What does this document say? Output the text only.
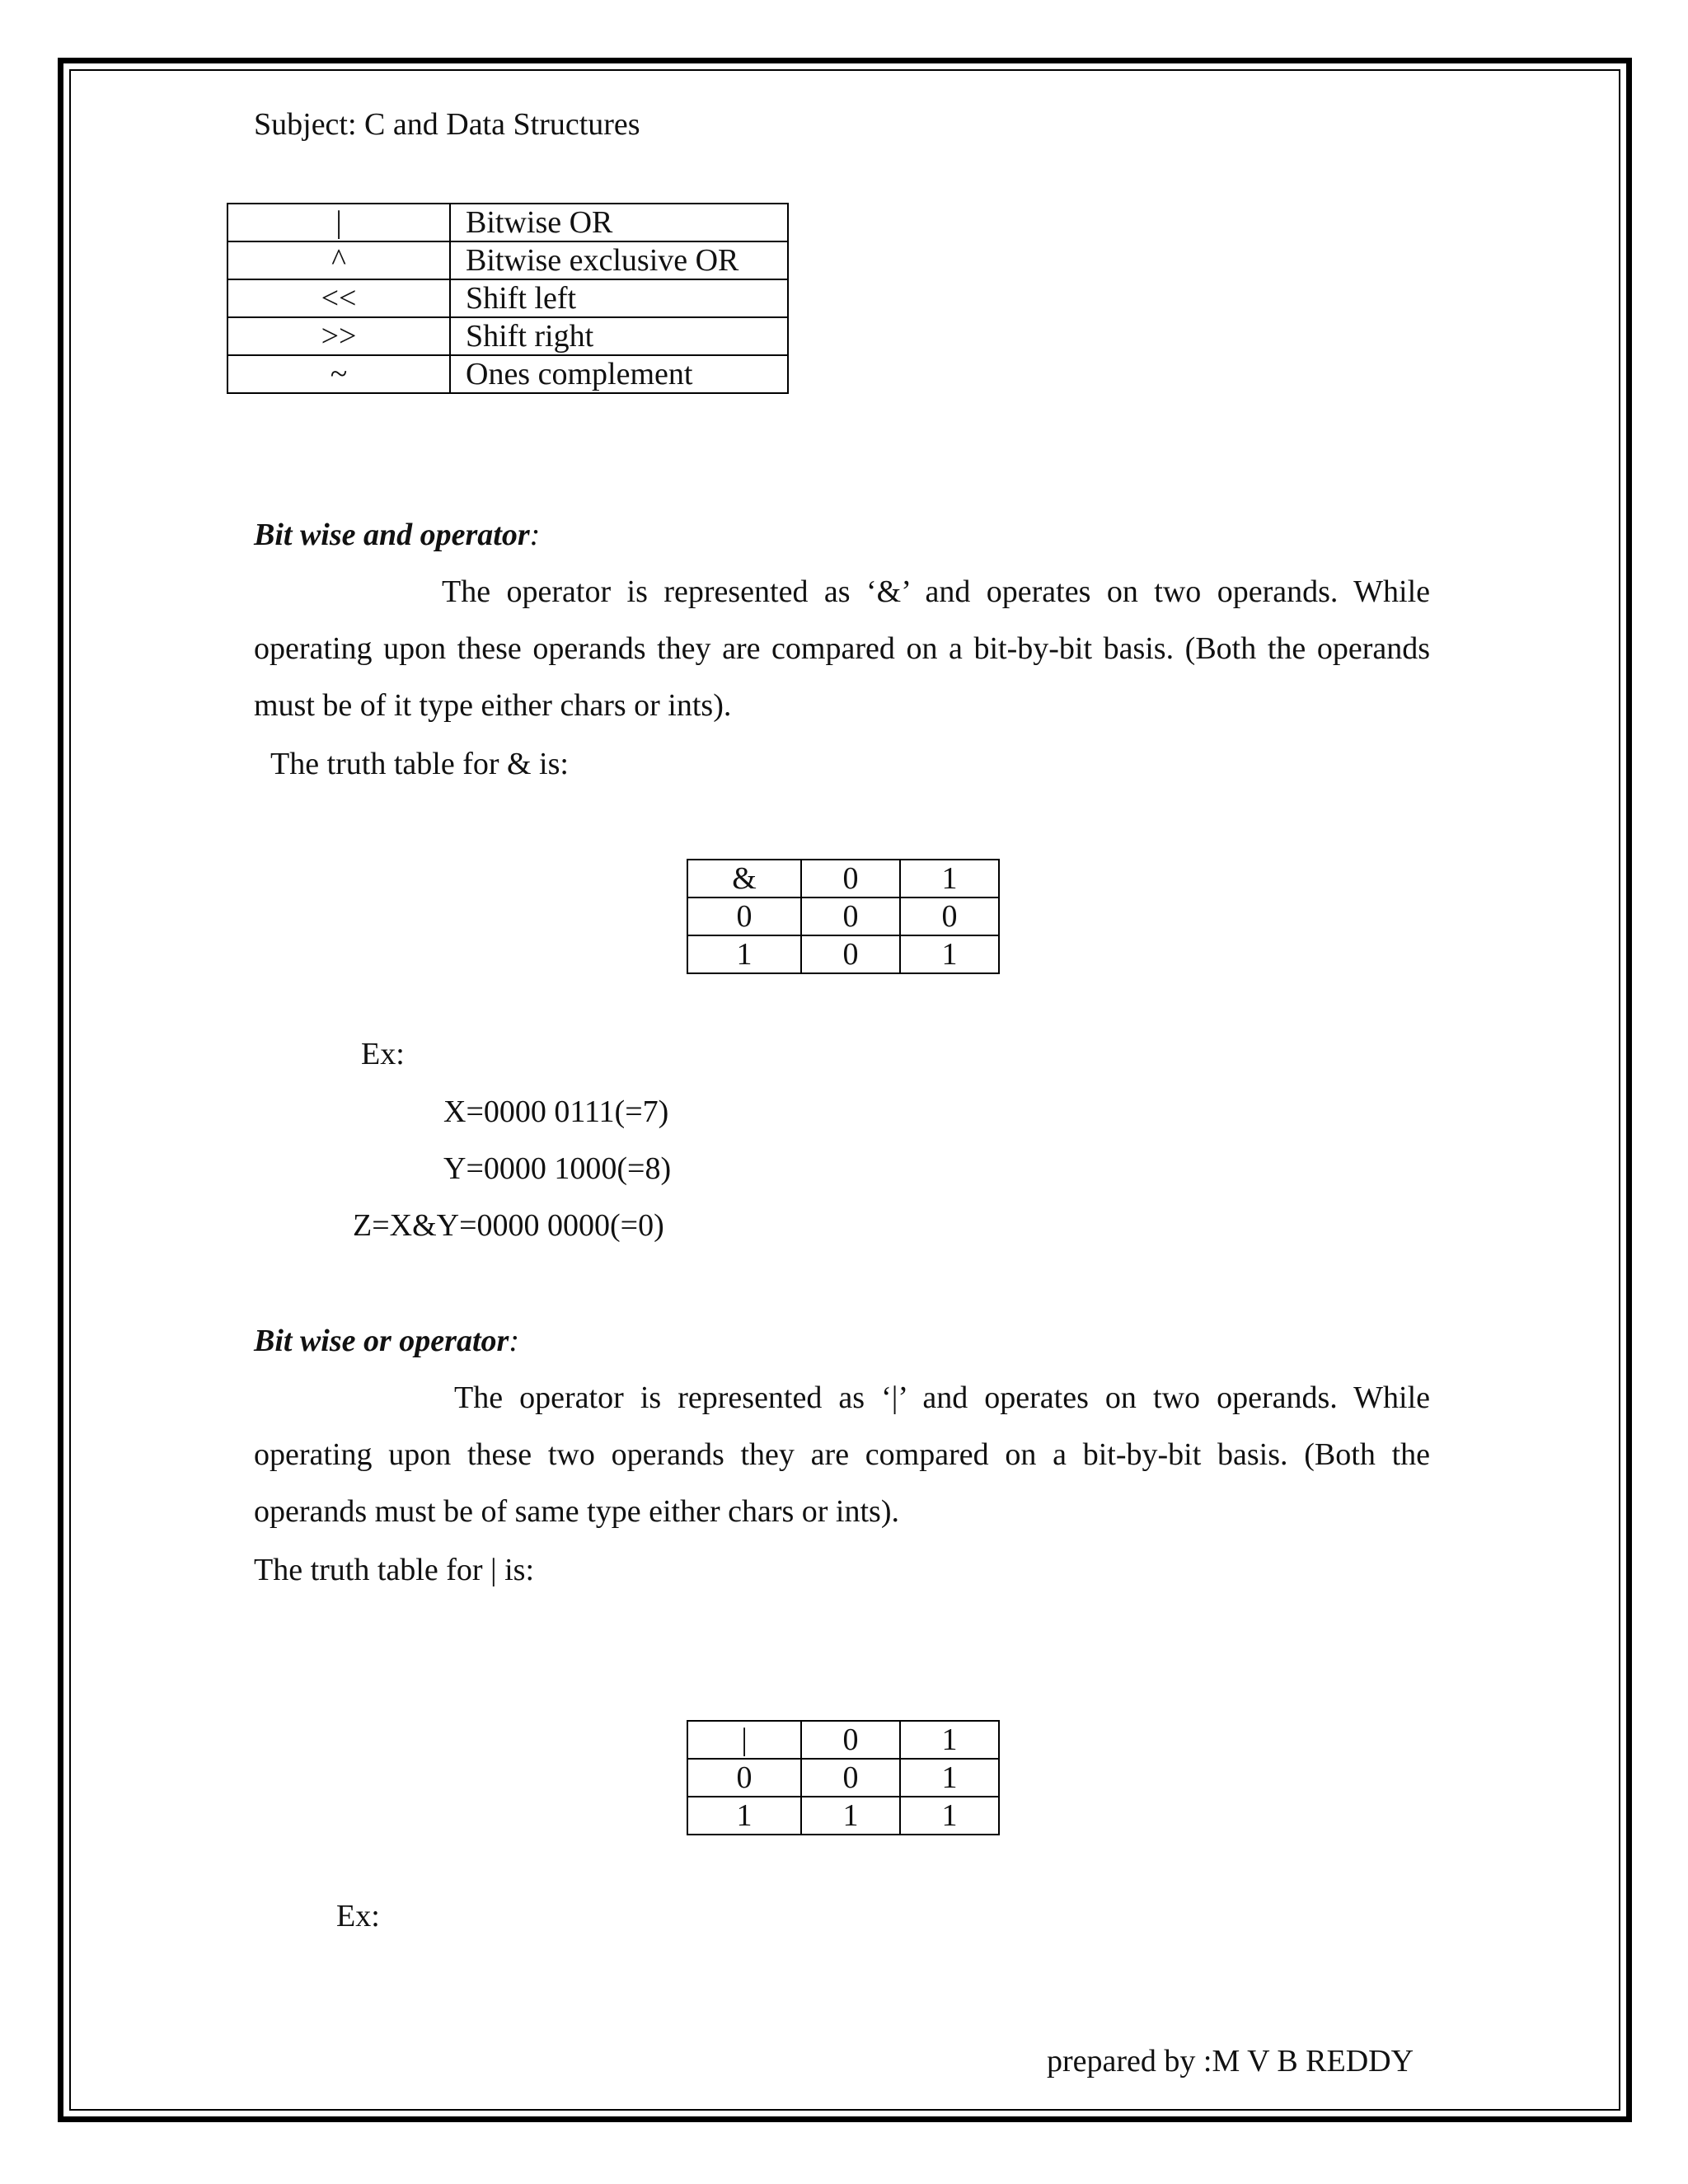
Subject: C and Data Structures
|	Bitwise OR
^	Bitwise exclusive OR
<<	Shift left
>>	Shift right
~	Ones complement
Bit wise and operator:
The operator is represented as ‘&’ and operates on two operands. While operating upon these operands they are compared on a bit-by-bit basis. (Both the operands must be of it type either chars or ints).
The truth table for & is:
&	0	1
0	0	0
1	0	1
Ex:
X=0000 0111(=7)
Y=0000 1000(=8)
Z=X&Y=0000 0000(=0)
Bit wise or operator:
The operator is represented as ‘|’ and operates on two operands. While operating upon these two operands they are compared on a bit-by-bit basis. (Both the operands must be of same type either chars or ints).
The truth table for | is:
|	0	1
0	0	1
1	1	1
Ex:
prepared by :M V B REDDY
